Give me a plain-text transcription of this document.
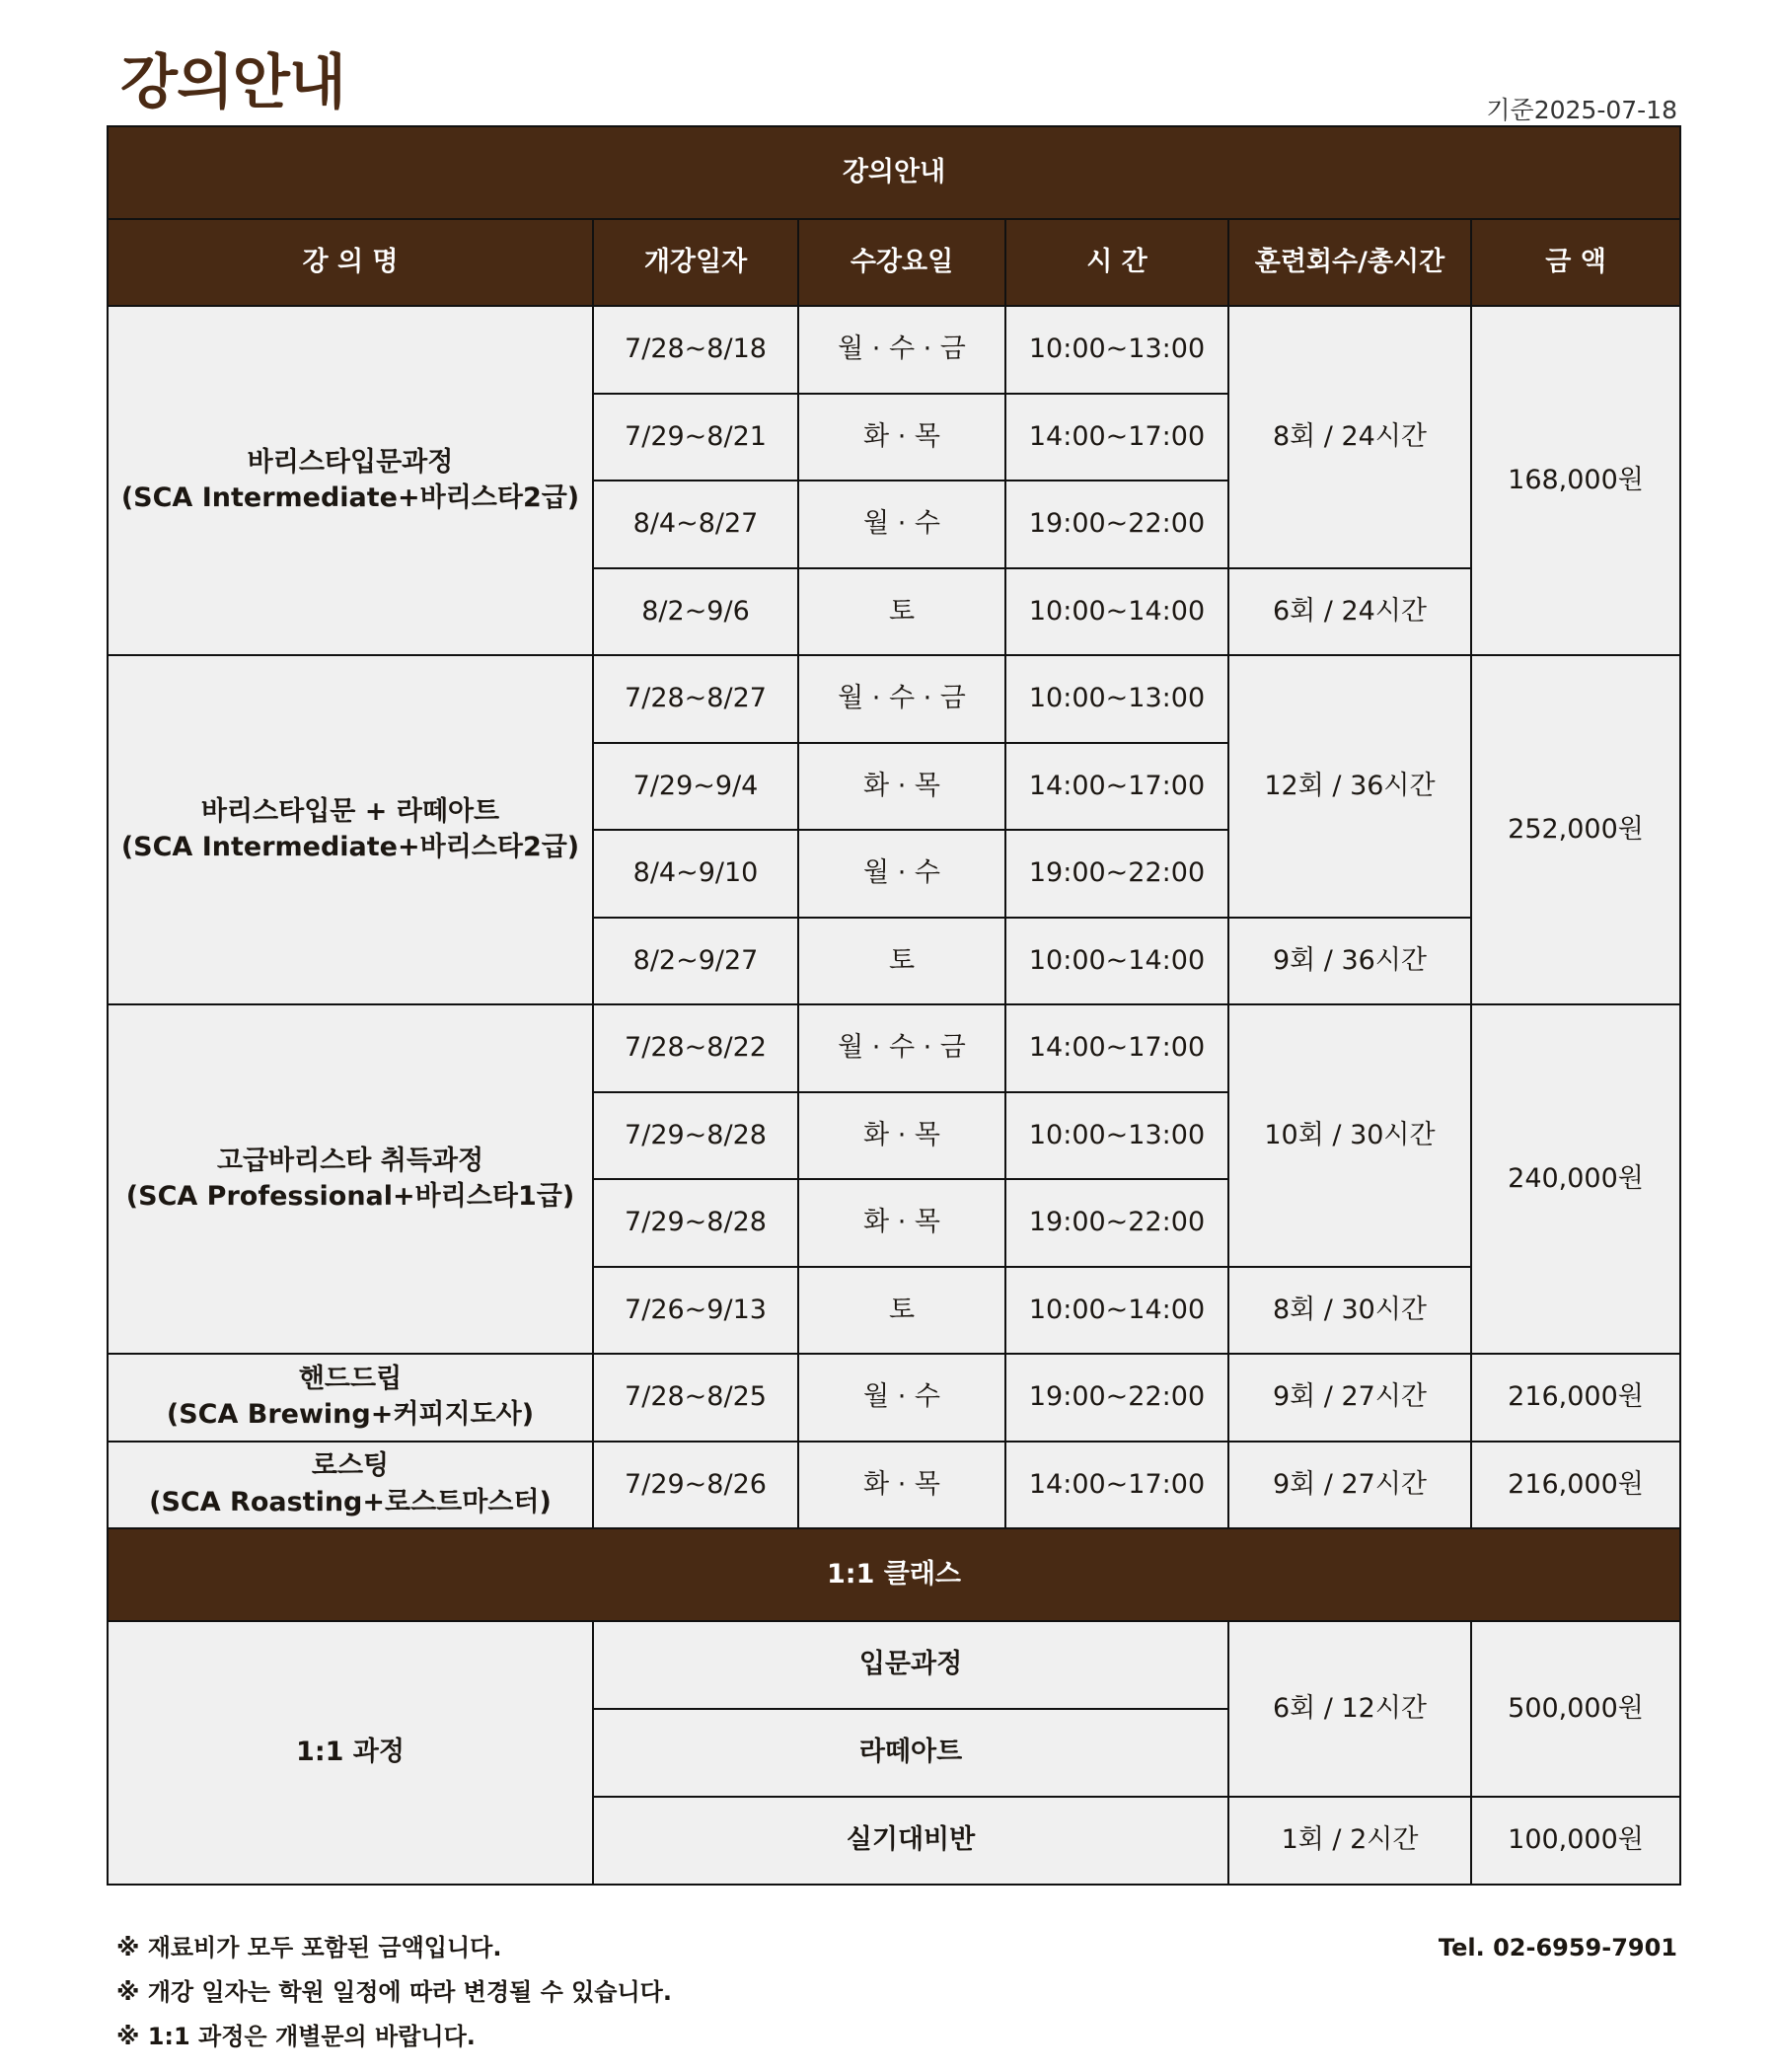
강의안내	기준2025-07-18
강의안내					
강 의 명	개강일자	수강요일	시 간	훈련회수/총시간	금 액

바리스타입문과정
(SCA Intermediate+바리스타2급)	7/28~8/18	월 · 수 · 금	10:00~13:00	8회 / 24시간	168,000원
	7/29~8/21	화 · 목	14:00~17:00		
	8/4~8/27	월 · 수	19:00~22:00		
	8/2~9/6	토	10:00~14:00	6회 / 24시간	

바리스타입문 + 라떼아트
(SCA Intermediate+바리스타2급)	7/28~8/27	월 · 수 · 금	10:00~13:00	12회 / 36시간	252,000원
	7/29~9/4	화 · 목	14:00~17:00		
	8/4~9/10	월 · 수	19:00~22:00		
	8/2~9/27	토	10:00~14:00	9회 / 36시간	

고급바리스타 취득과정
(SCA Professional+바리스타1급)	7/28~8/22	월 · 수 · 금	14:00~17:00	10회 / 30시간	240,000원
	7/29~8/28	화 · 목	10:00~13:00		
	7/29~8/28	화 · 목	19:00~22:00		
	7/26~9/13	토	10:00~14:00	8회 / 30시간	

핸드드립
(SCA Brewing+커피지도사)	7/28~8/25	월 · 수	19:00~22:00	9회 / 27시간	216,000원

로스팅
(SCA Roasting+로스트마스터)	7/29~8/26	화 · 목	14:00~17:00	9회 / 27시간	216,000원
1:1 클래스					
1:1 과정	입문과정			6회 / 12시간	500,000원
	라떼아트				
	실기대비반			1회 / 2시간	100,000원
※ 재료비가 모두 포함된 금액입니다.
※ 개강 일자는 학원 일정에 따라 변경될 수 있습니다.
※ 1:1 과정은 개별문의 바랍니다.
Tel. 02-6959-7901
